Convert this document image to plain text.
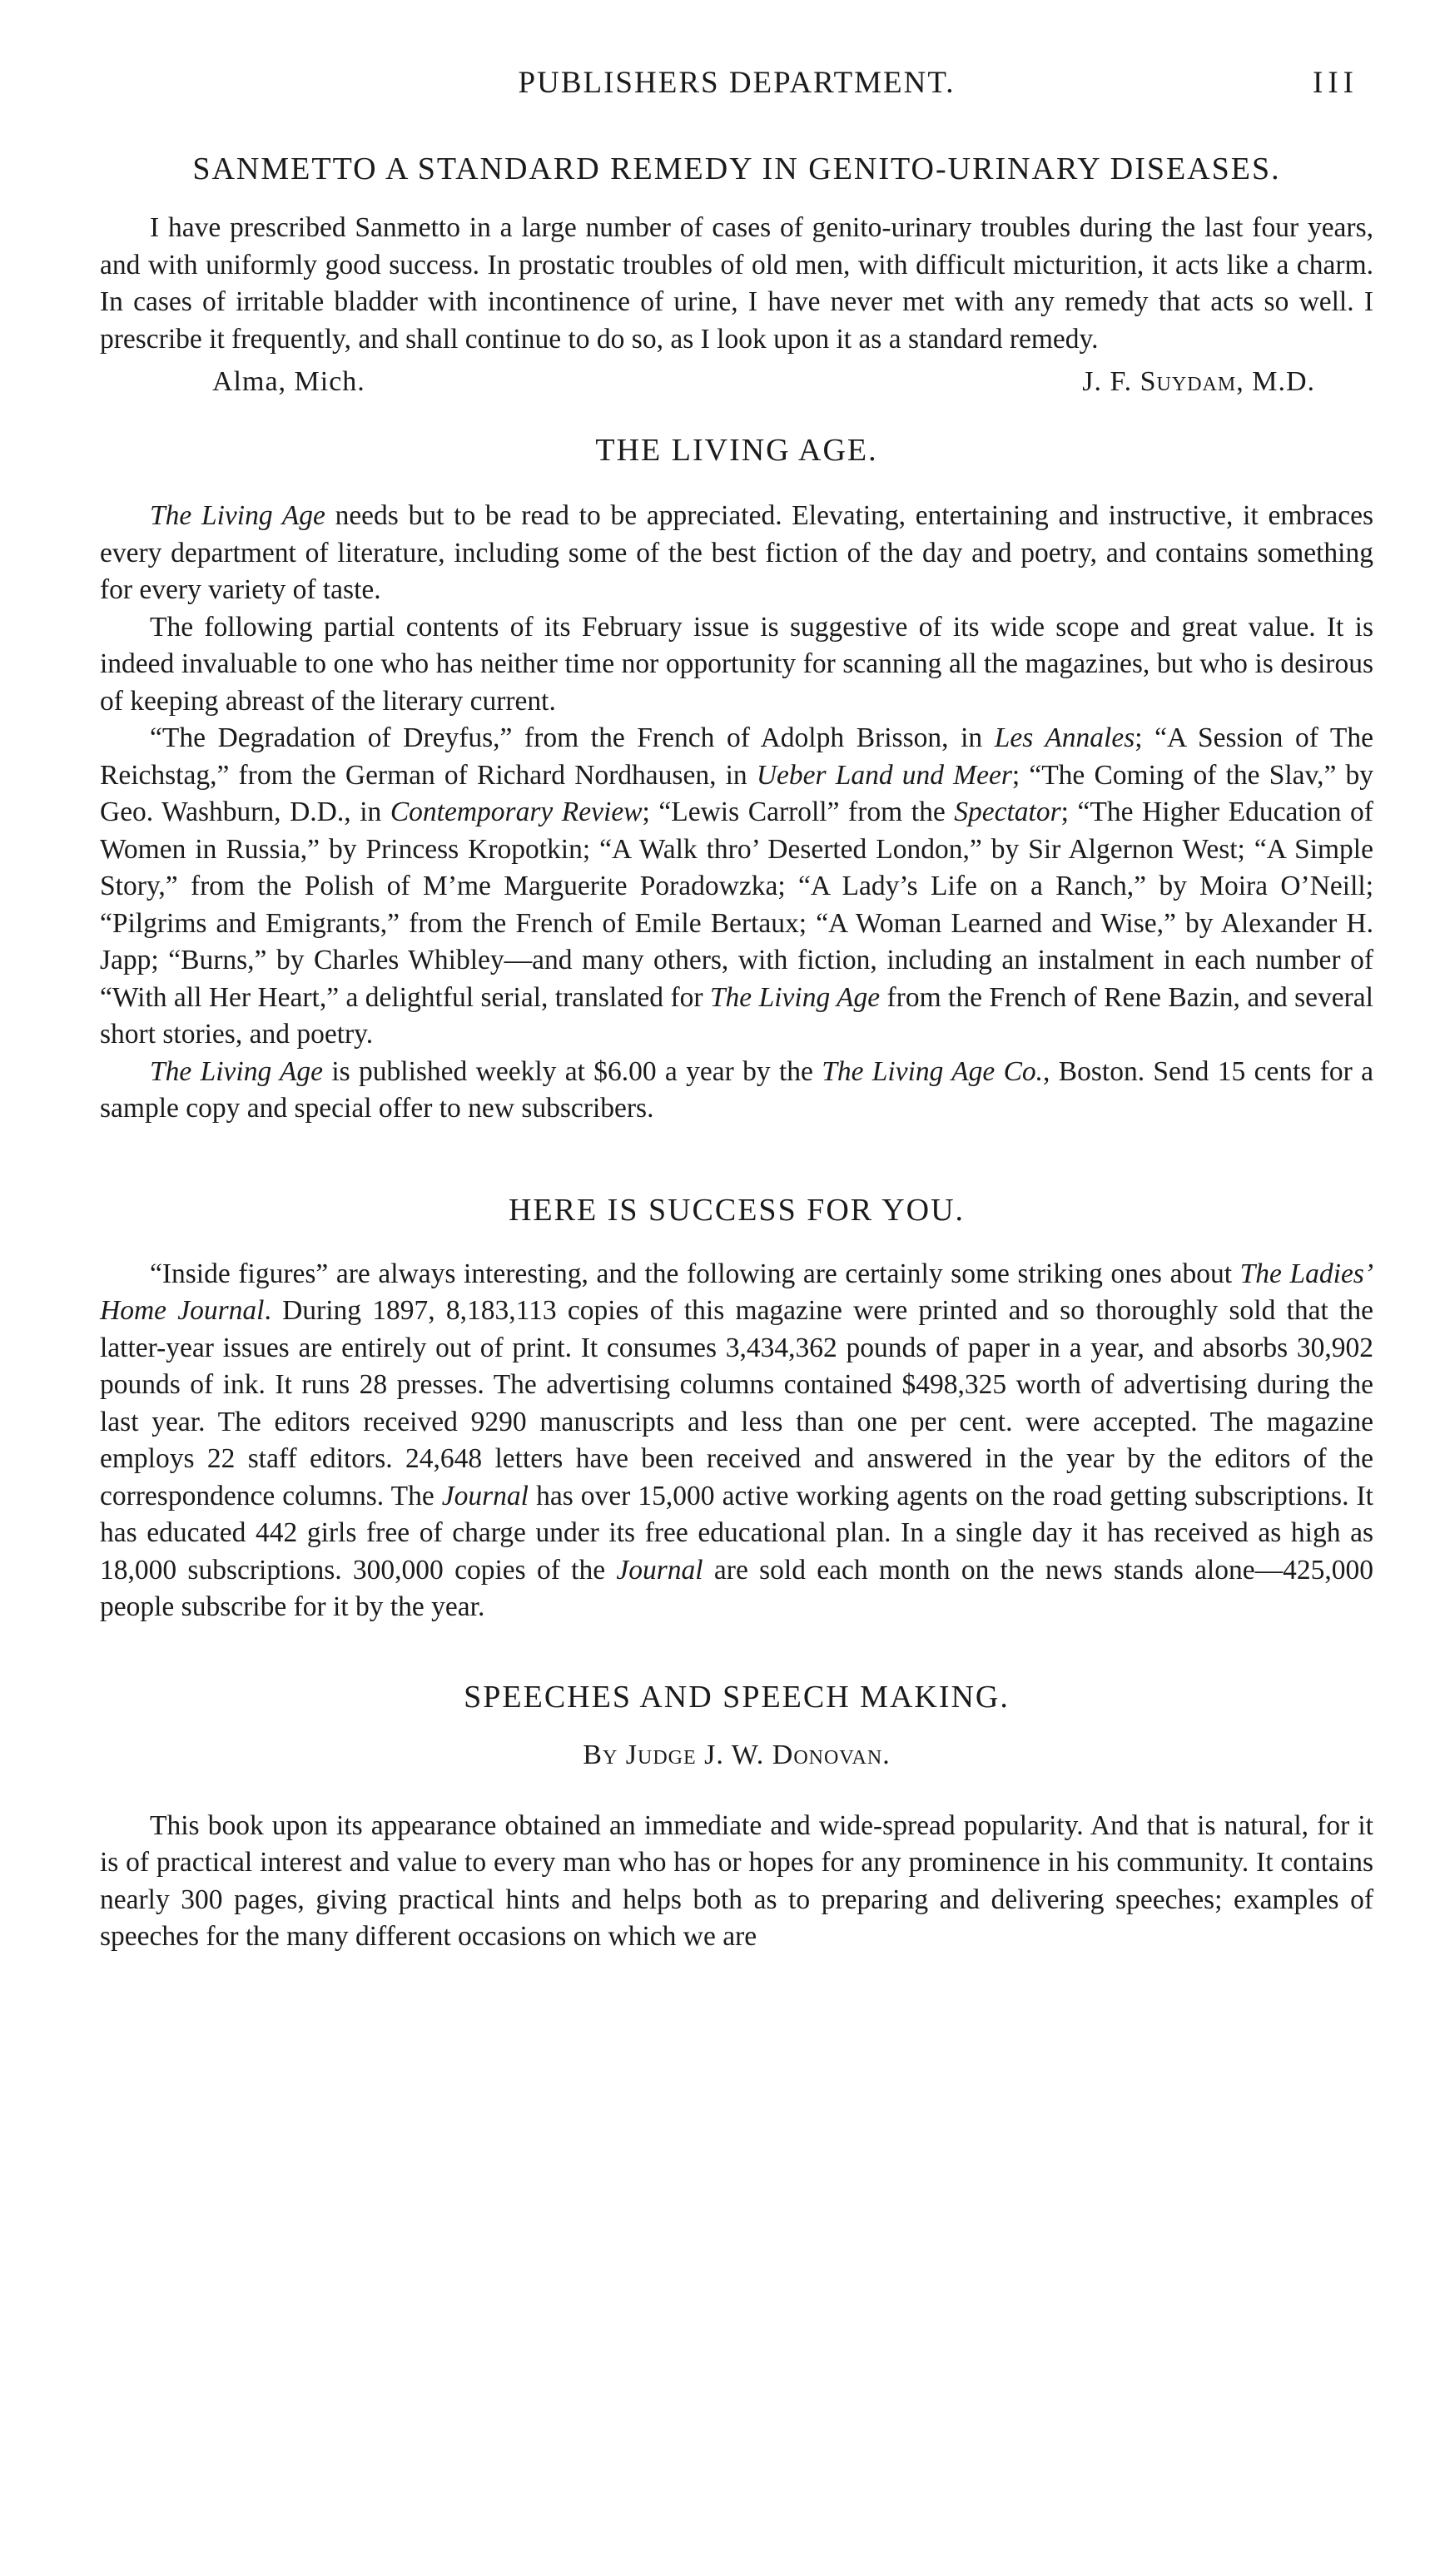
PUBLISHERS DEPARTMENT.	III
SANMETTO A STANDARD REMEDY IN GENITO-URINARY DISEASES.

I have prescribed Sanmetto in a large number of cases of genito-urinary troubles during the last four years, and with uniformly good success. In prostatic troubles of old men, with difficult micturition, it acts like a charm. In cases of irritable bladder with incontinence of urine, I have never met with any remedy that acts so well. I prescribe it frequently, and shall continue to do so, as I look upon it as a standard remedy.

Alma, Mich.	J. F. Suydam, M.D.
THE LIVING AGE.

The Living Age needs but to be read to be appreciated. Elevating, entertaining and instructive, it embraces every department of literature, including some of the best fiction of the day and poetry, and contains something for every variety of taste.

The following partial contents of its February issue is suggestive of its wide scope and great value. It is indeed invaluable to one who has neither time nor opportunity for scanning all the magazines, but who is desirous of keeping abreast of the literary current.

“The Degradation of Dreyfus,” from the French of Adolph Brisson, in Les Annales; “A Session of The Reichstag,” from the German of Richard Nordhausen, in Ueber Land und Meer; “The Coming of the Slav,” by Geo. Washburn, D.D., in Contemporary Review; “Lewis Carroll” from the Spectator; “The Higher Education of Women in Russia,” by Princess Kropotkin; “A Walk thro’ Deserted London,” by Sir Algernon West; “A Simple Story,” from the Polish of M’me Marguerite Poradowzka; “A Lady’s Life on a Ranch,” by Moira O’Neill; “Pilgrims and Emigrants,” from the French of Emile Bertaux; “A Woman Learned and Wise,” by Alexander H. Japp; “Burns,” by Charles Whibley—and many others, with fiction, including an instalment in each number of “With all Her Heart,” a delightful serial, translated for The Living Age from the French of Rene Bazin, and several short stories, and poetry.

The Living Age is published weekly at $6.00 a year by the The Living Age Co., Boston. Send 15 cents for a sample copy and special offer to new subscribers.

HERE IS SUCCESS FOR YOU.

“Inside figures” are always interesting, and the following are certainly some striking ones about The Ladies’ Home Journal. During 1897, 8,183,113 copies of this magazine were printed and so thoroughly sold that the latter-year issues are entirely out of print. It consumes 3,434,362 pounds of paper in a year, and absorbs 30,902 pounds of ink. It runs 28 presses. The advertising columns contained $498,325 worth of advertising during the last year. The editors received 9290 manuscripts and less than one per cent. were accepted. The magazine employs 22 staff editors. 24,648 letters have been received and answered in the year by the editors of the correspondence columns. The Journal has over 15,000 active working agents on the road getting subscriptions. It has educated 442 girls free of charge under its free educational plan. In a single day it has received as high as 18,000 subscriptions. 300,000 copies of the Journal are sold each month on the news stands alone—425,000 people subscribe for it by the year.

SPEECHES AND SPEECH MAKING.
By Judge J. W. Donovan.

This book upon its appearance obtained an immediate and wide-spread popularity. And that is natural, for it is of practical interest and value to every man who has or hopes for any prominence in his community. It contains nearly 300 pages, giving practical hints and helps both as to preparing and delivering speeches; examples of speeches for the many different occasions on which we are
